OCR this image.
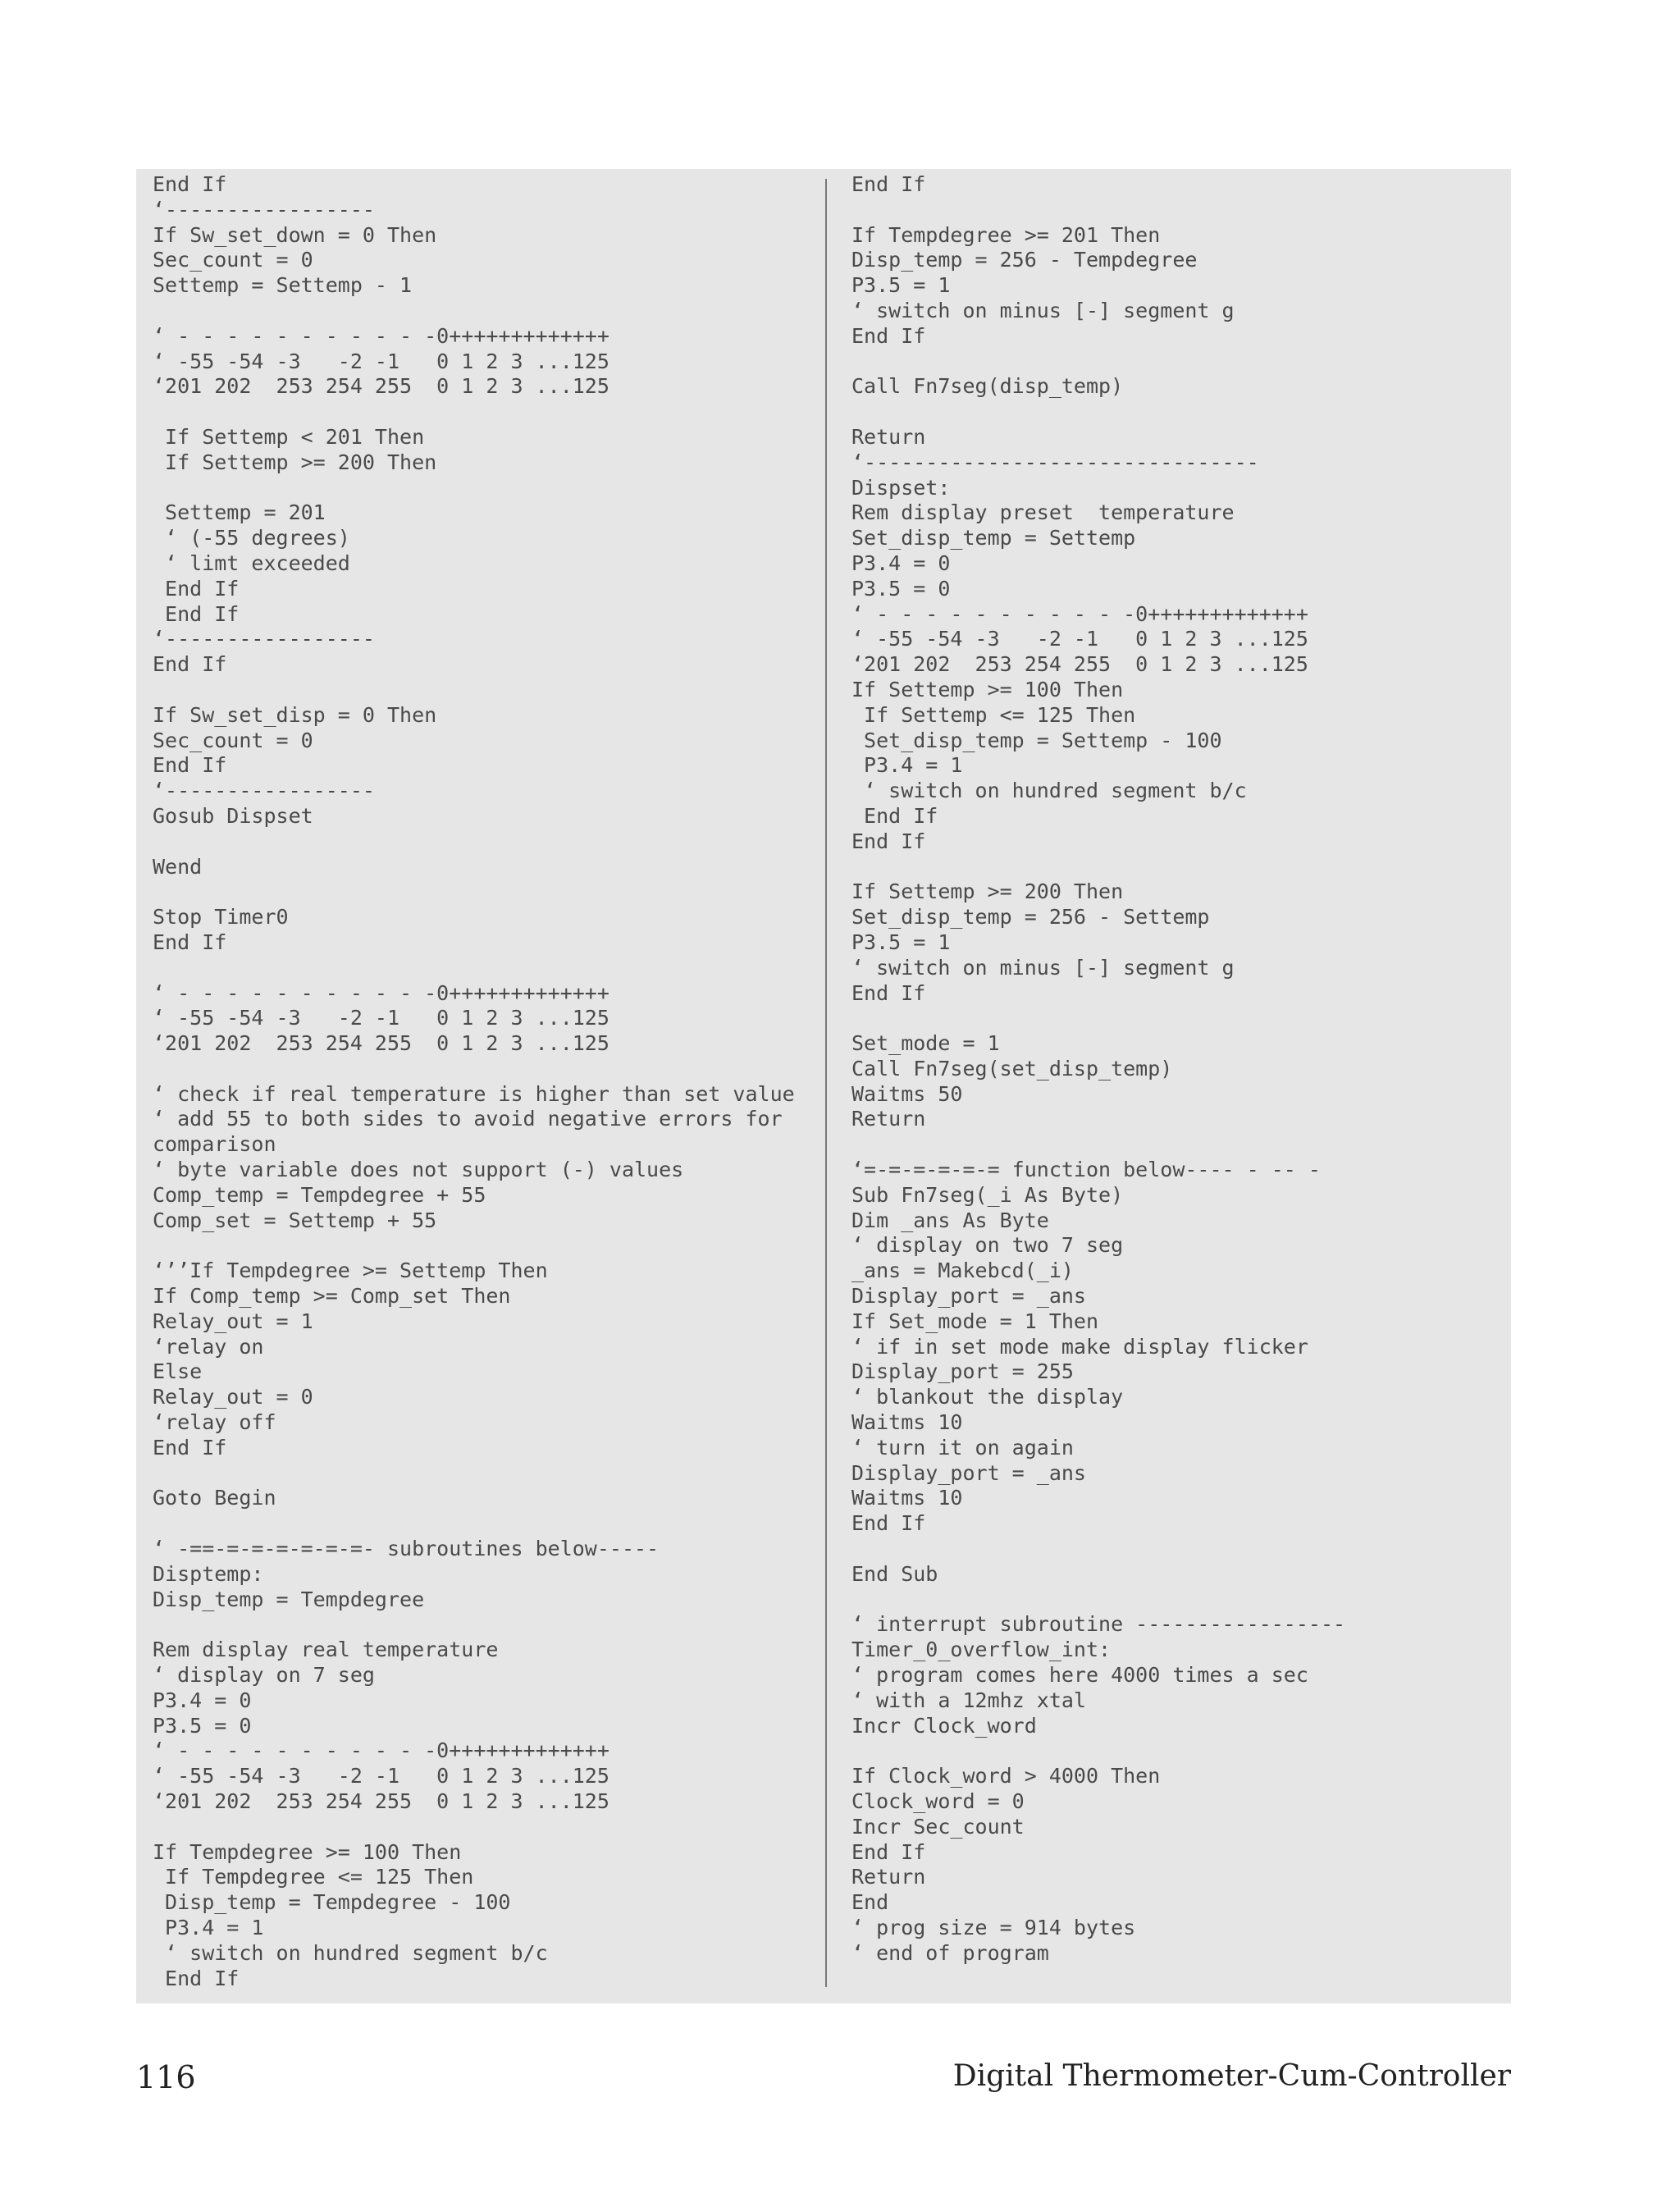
End If
‘-----------------
If Sw_set_down = 0 Then
Sec_count = 0
Settemp = Settemp - 1
‘ - - - - - - - - - - -0+++++++++++++
‘ -55 -54 -3   -2 -1   0 1 2 3 ...125
‘201 202  253 254 255  0 1 2 3 ...125
If Settemp < 201 Then
If Settemp >= 200 Then
Settemp = 201
‘ (-55 degrees)
‘ limt exceeded
End If
End If
‘-----------------
End If
If Sw_set_disp = 0 Then
Sec_count = 0
End If
‘-----------------
Gosub Dispset
Wend
Stop Timer0
End If
‘ - - - - - - - - - - -0+++++++++++++
‘ -55 -54 -3   -2 -1   0 1 2 3 ...125
‘201 202  253 254 255  0 1 2 3 ...125
‘ check if real temperature is higher than set value
‘ add 55 to both sides to avoid negative errors for
comparison
‘ byte variable does not support (-) values
Comp_temp = Tempdegree + 55
Comp_set = Settemp + 55
‘’’If Tempdegree >= Settemp Then
If Comp_temp >= Comp_set Then
Relay_out = 1
‘relay on
Else
Relay_out = 0
‘relay off
End If
Goto Begin
‘ -==-=-=-=-=-=-=- subroutines below-----
Disptemp:
Disp_temp = Tempdegree
Rem display real temperature
‘ display on 7 seg
P3.4 = 0
P3.5 = 0
‘ - - - - - - - - - - -0+++++++++++++
‘ -55 -54 -3   -2 -1   0 1 2 3 ...125
‘201 202  253 254 255  0 1 2 3 ...125
If Tempdegree >= 100 Then
If Tempdegree <= 125 Then
Disp_temp = Tempdegree - 100
P3.4 = 1
‘ switch on hundred segment b/c
End If
End If
If Tempdegree >= 201 Then
Disp_temp = 256 - Tempdegree
P3.5 = 1
‘ switch on minus [-] segment g
End If
Call Fn7seg(disp_temp)
Return
‘--------------------------------
Dispset:
Rem display preset  temperature
Set_disp_temp = Settemp
P3.4 = 0
P3.5 = 0
‘ - - - - - - - - - - -0+++++++++++++
‘ -55 -54 -3   -2 -1   0 1 2 3 ...125
‘201 202  253 254 255  0 1 2 3 ...125
If Settemp >= 100 Then
If Settemp <= 125 Then
Set_disp_temp = Settemp - 100
P3.4 = 1
‘ switch on hundred segment b/c
End If
End If
If Settemp >= 200 Then
Set_disp_temp = 256 - Settemp
P3.5 = 1
‘ switch on minus [-] segment g
End If
Set_mode = 1
Call Fn7seg(set_disp_temp)
Waitms 50
Return
‘=-=-=-=-=-= function below---- - -- -
Sub Fn7seg(_i As Byte)
Dim _ans As Byte
‘ display on two 7 seg
_ans = Makebcd(_i)
Display_port = _ans
If Set_mode = 1 Then
‘ if in set mode make display flicker
Display_port = 255
‘ blankout the display
Waitms 10
‘ turn it on again
Display_port = _ans
Waitms 10
End If
End Sub
‘ interrupt subroutine -----------------
Timer_0_overflow_int:
‘ program comes here 4000 times a sec
‘ with a 12mhz xtal
Incr Clock_word
If Clock_word > 4000 Then
Clock_word = 0
Incr Sec_count
End If
Return
End
‘ prog size = 914 bytes
‘ end of program
116	Digital Thermometer-Cum-Controller
